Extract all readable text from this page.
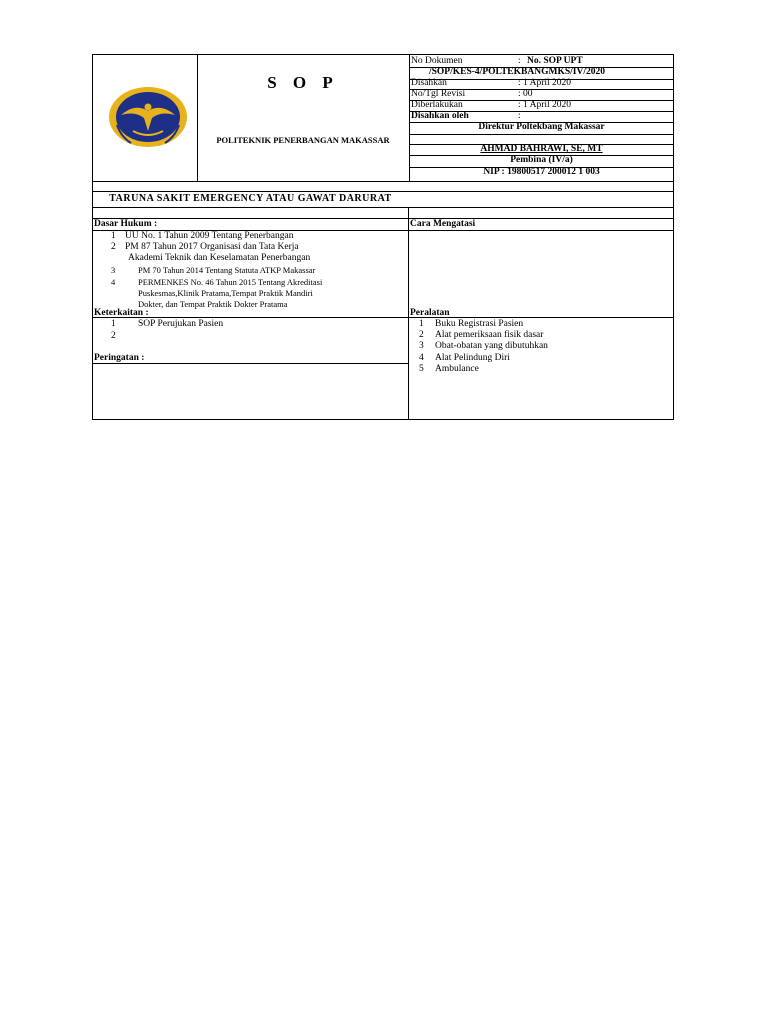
S O P
POLITEKNIK PENERBANGAN MAKASSAR
No Dokumen	: No. SOP UPT
/SOP/KES-4/POLTEKBANGMKS/IV/2020
Disahkan	: 1 April 2020
No/Tgl Revisi	: 00
Diberlakukan	: 1 April 2020
Disahkan oleh	:
Direktur Poltekbang Makassar
AHMAD BAHRAWI, SE, MT
Pembina (IV/a)
NIP : 19800517 200012 1 003
TARUNA SAKIT EMERGENCY ATAU GAWAT DARURAT
Dasar Hukum :	Cara Mengatasi
1 UU No. 1 Tahun 2009 Tentang Penerbangan
2 PM 87 Tahun 2017 Organisasi dan Tata Kerja
Akademi Teknik dan Keselamatan Penerbangan
3	PM 70 Tahun 2014 Tentang Statuta ATKP Makassar
4	PERMENKES No. 46 Tahun 2015 Tentang Akreditasi
Puskesmas,Klinik Pratama,Tempat Praktik Mandiri
Dokter, dan Tempat Praktik Dokter Pratama
Keterkaitan :
1 SOP Perujukan Pasien
2
Peringatan :
Peralatan
1 Buku Registrasi Pasien
2 Alat pemeriksaan fisik dasar
3 Obat-obatan yang dibutuhkan
4 Alat Pelindung Diri
5 Ambulance
